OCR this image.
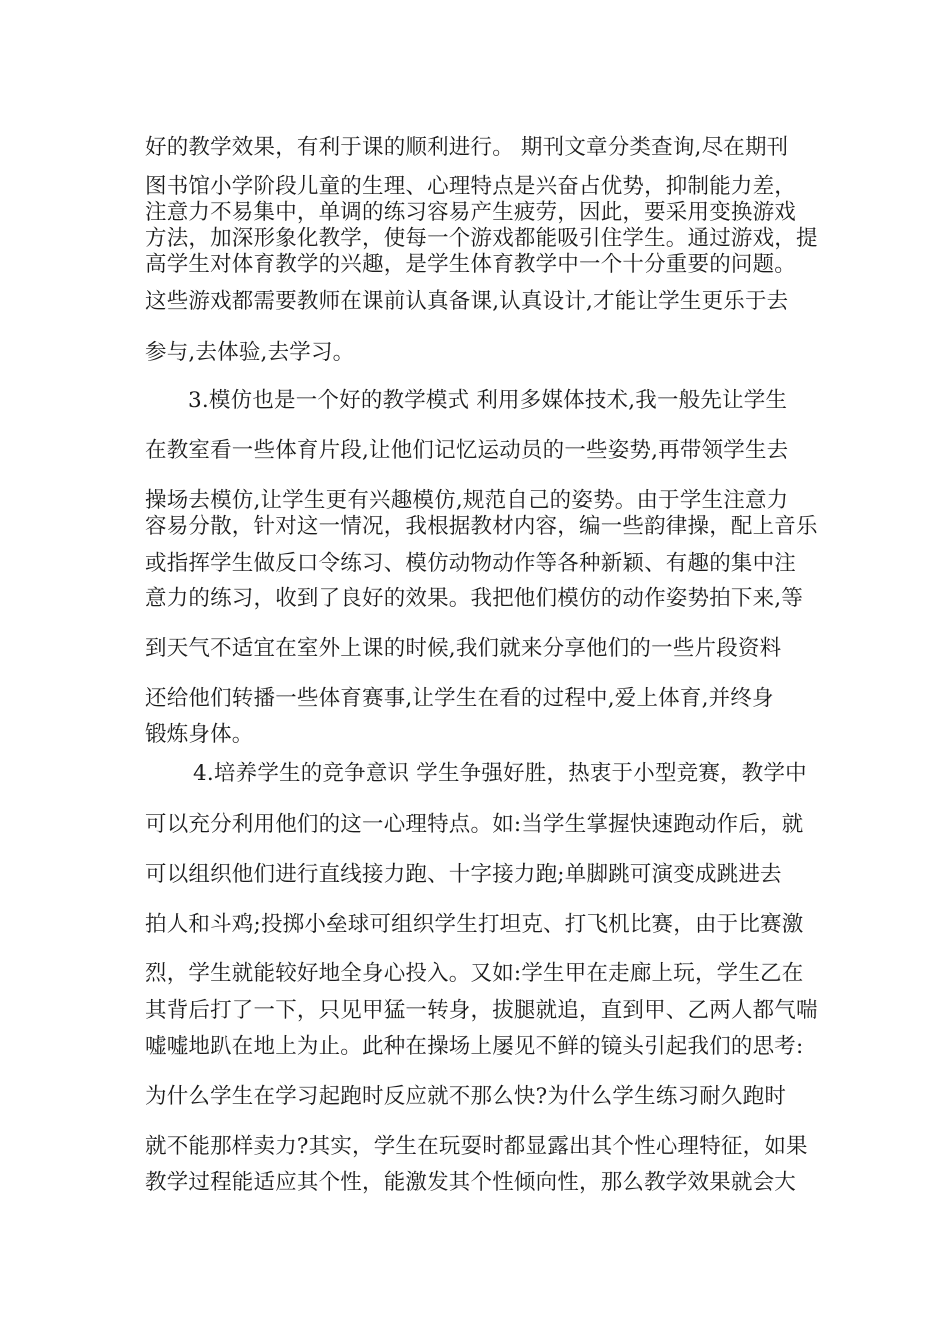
好的教学效果，有利于课的顺利进行。 期刊文章分类查询,尽在期刊
图书馆小学阶段儿童的生理、心理特点是兴奋占优势，抑制能力差，
注意力不易集中，单调的练习容易产生疲劳，因此，要采用变换游戏
方法，加深形象化教学，使每一个游戏都能吸引住学生。通过游戏，提
高学生对体育教学的兴趣，是学生体育教学中一个十分重要的问题。
这些游戏都需要教师在课前认真备课,认真设计,才能让学生更乐于去
参与,去体验,去学习。
3.模仿也是一个好的教学模式 利用多媒体技术,我一般先让学生
在教室看一些体育片段,让他们记忆运动员的一些姿势,再带领学生去
操场去模仿,让学生更有兴趣模仿,规范自己的姿势。由于学生注意力
容易分散，针对这一情况，我根据教材内容，编一些韵律操，配上音乐
或指挥学生做反口令练习、模仿动物动作等各种新颖、有趣的集中注
意力的练习，收到了良好的效果。我把他们模仿的动作姿势拍下来,等
到天气不适宜在室外上课的时候,我们就来分享他们的一些片段资料
还给他们转播一些体育赛事,让学生在看的过程中,爱上体育,并终身
锻炼身体。
4.培养学生的竞争意识 学生争强好胜，热衷于小型竞赛，教学中
可以充分利用他们的这一心理特点。如:当学生掌握快速跑动作后，就
可以组织他们进行直线接力跑、十字接力跑;单脚跳可演变成跳进去
拍人和斗鸡;投掷小垒球可组织学生打坦克、打飞机比赛，由于比赛激
烈，学生就能较好地全身心投入。又如:学生甲在走廊上玩，学生乙在
其背后打了一下，只见甲猛一转身，拔腿就追，直到甲、乙两人都气喘
嘘嘘地趴在地上为止。此种在操场上屡见不鲜的镜头引起我们的思考:
为什么学生在学习起跑时反应就不那么快?为什么学生练习耐久跑时
就不能那样卖力?其实，学生在玩耍时都显露出其个性心理特征，如果
教学过程能适应其个性，能激发其个性倾向性，那么教学效果就会大
